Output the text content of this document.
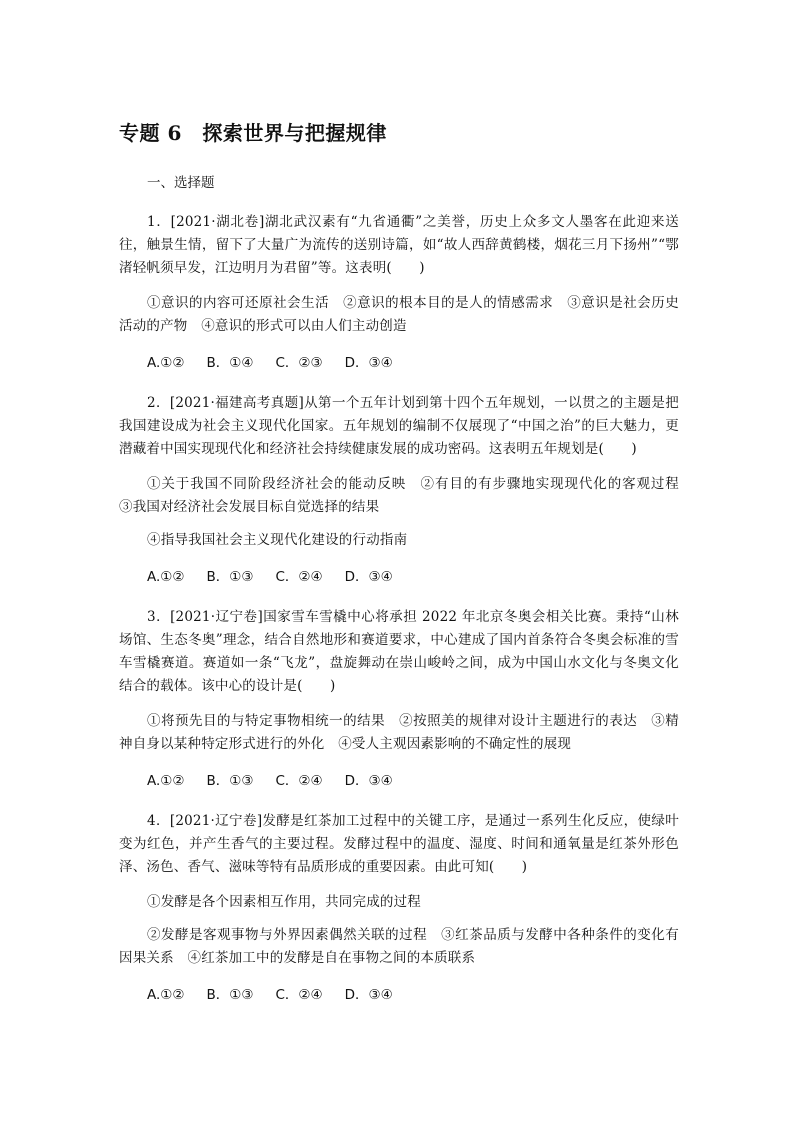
专题 6　探索世界与把握规律
一、选择题
1．[2021·湖北卷]湖北武汉素有“九省通衢”之美誉，历史上众多文人墨客在此迎来送往，触景生情，留下了大量广为流传的送别诗篇，如“故人西辞黄鹤楼，烟花三月下扬州”“鄂渚轻帆须早发，江边明月为君留”等。这表明(　　)
①意识的内容可还原社会生活　②意识的根本目的是人的情感需求　③意识是社会历史活动的产物　④意识的形式可以由人们主动创造
A.①② B．①④ C．②③ D．③④
2．[2021·福建高考真题]从第一个五年计划到第十四个五年规划，一以贯之的主题是把我国建设成为社会主义现代化国家。五年规划的编制不仅展现了“中国之治”的巨大魅力，更潜藏着中国实现现代化和经济社会持续健康发展的成功密码。这表明五年规划是(　　)
①关于我国不同阶段经济社会的能动反映　②有目的有步骤地实现现代化的客观过程　③我国对经济社会发展目标自觉选择的结果
④指导我国社会主义现代化建设的行动指南
A.①② B．①③ C．②④ D．③④
3．[2021·辽宁卷]国家雪车雪橇中心将承担 2022 年北京冬奥会相关比赛。秉持“山林场馆、生态冬奥”理念，结合自然地形和赛道要求，中心建成了国内首条符合冬奥会标准的雪车雪橇赛道。赛道如一条“飞龙”，盘旋舞动在崇山峻岭之间，成为中国山水文化与冬奥文化结合的载体。该中心的设计是(　　)
①将预先目的与特定事物相统一的结果　②按照美的规律对设计主题进行的表达　③精神自身以某种特定形式进行的外化　④受人主观因素影响的不确定性的展现
A.①② B．①③ C．②④ D．③④
4．[2021·辽宁卷]发酵是红茶加工过程中的关键工序，是通过一系列生化反应，使绿叶变为红色，并产生香气的主要过程。发酵过程中的温度、湿度、时间和通氧量是红茶外形色泽、汤色、香气、滋味等特有品质形成的重要因素。由此可知(　　)
①发酵是各个因素相互作用，共同完成的过程
②发酵是客观事物与外界因素偶然关联的过程　③红茶品质与发酵中各种条件的变化有因果关系　④红茶加工中的发酵是自在事物之间的本质联系
A.①② B．①③ C．②④ D．③④
